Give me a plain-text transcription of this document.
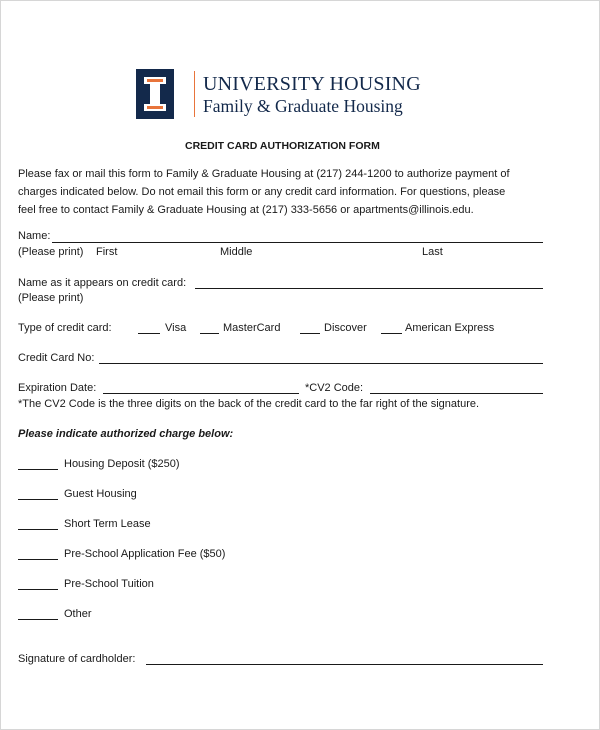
UNIVERSITY HOUSING
Family & Graduate Housing
CREDIT CARD AUTHORIZATION FORM
Please fax or mail this form to Family & Graduate Housing at (217) 244-1200 to authorize payment of
charges indicated below. Do not email this form or any credit card information. For questions, please
feel free to contact Family & Graduate Housing at (217) 333-5656 or apartments@illinois.edu.
Name:
(Please print) First	Middle	Last
Name as it appears on credit card:
(Please print)
Type of credit card:	Visa	MasterCard	Discover	American Express
Credit Card No:
Expiration Date:	*CV2 Code:
*The CV2 Code is the three digits on the back of the credit card to the far right of the signature.
Please indicate authorized charge below:
Housing Deposit ($250)
Guest Housing
Short Term Lease
Pre-School Application Fee ($50)
Pre-School Tuition
Other
Signature of cardholder:
